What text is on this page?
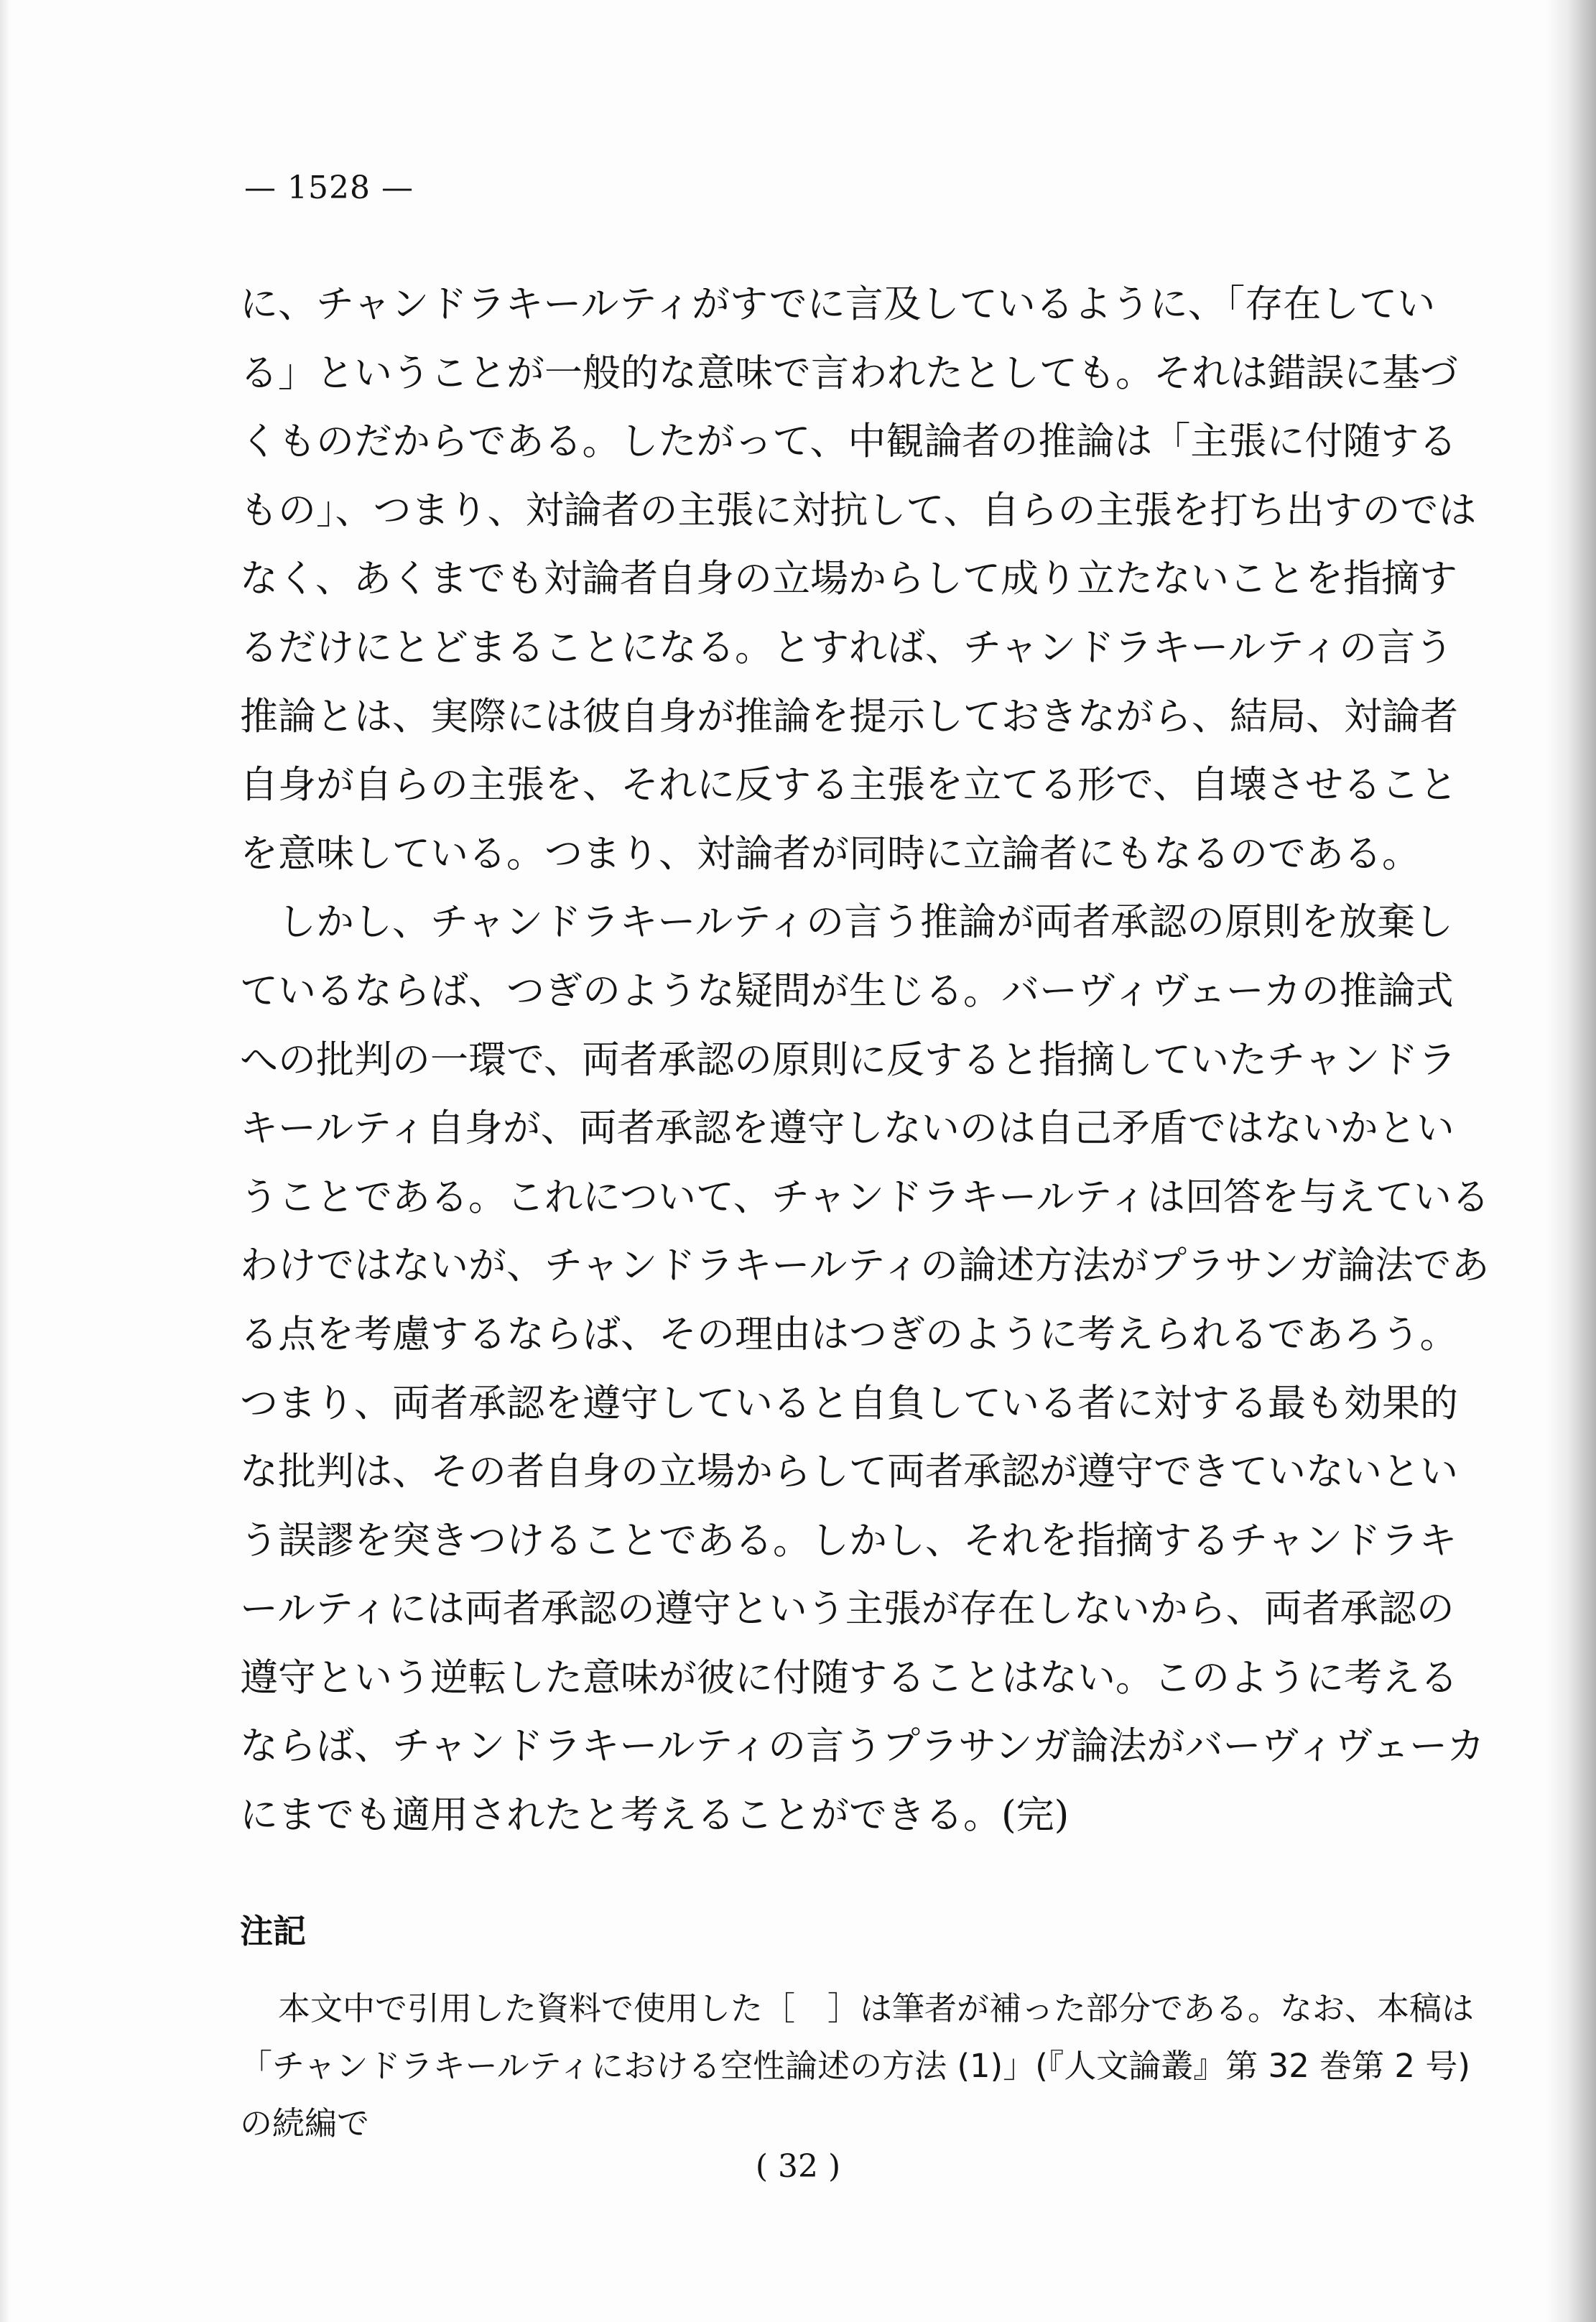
— 1528 —

に、チャンドラキールティがすでに言及しているように、「存在している」ということが一般的な意味で言われたとしても。それは錯誤に基づくものだからである。したがって、中観論者の推論は「主張に付随するもの」、つまり、対論者の主張に対抗して、自らの主張を打ち出すのではなく、あくまでも対論者自身の立場からして成り立たないことを指摘するだけにとどまることになる。とすれば、チャンドラキールティの言う推論とは、実際には彼自身が推論を提示しておきながら、結局、対論者自身が自らの主張を、それに反する主張を立てる形で、自壊させることを意味している。つまり、対論者が同時に立論者にもなるのである。

しかし、チャンドラキールティの言う推論が両者承認の原則を放棄しているならば、つぎのような疑問が生じる。バーヴィヴェーカの推論式への批判の一環で、両者承認の原則に反すると指摘していたチャンドラキールティ自身が、両者承認を遵守しないのは自己矛盾ではないかということである。これについて、チャンドラキールティは回答を与えているわけではないが、チャンドラキールティの論述方法がプラサンガ論法である点を考慮するならば、その理由はつぎのように考えられるであろう。つまり、両者承認を遵守していると自負している者に対する最も効果的な批判は、その者自身の立場からして両者承認が遵守できていないという誤謬を突きつけることである。しかし、それを指摘するチャンドラキールティには両者承認の遵守という主張が存在しないから、両者承認の遵守という逆転した意味が彼に付随することはない。このように考えるならば、チャンドラキールティの言うプラサンガ論法がバーヴィヴェーカにまでも適用されたと考えることができる。(完)

注記

本文中で引用した資料で使用した［　］は筆者が補った部分である。なお、本稿は「チャンドラキールティにおける空性論述の方法 (1)」(『人文論叢』第 32 巻第 2 号) の続編で

( 32 )
